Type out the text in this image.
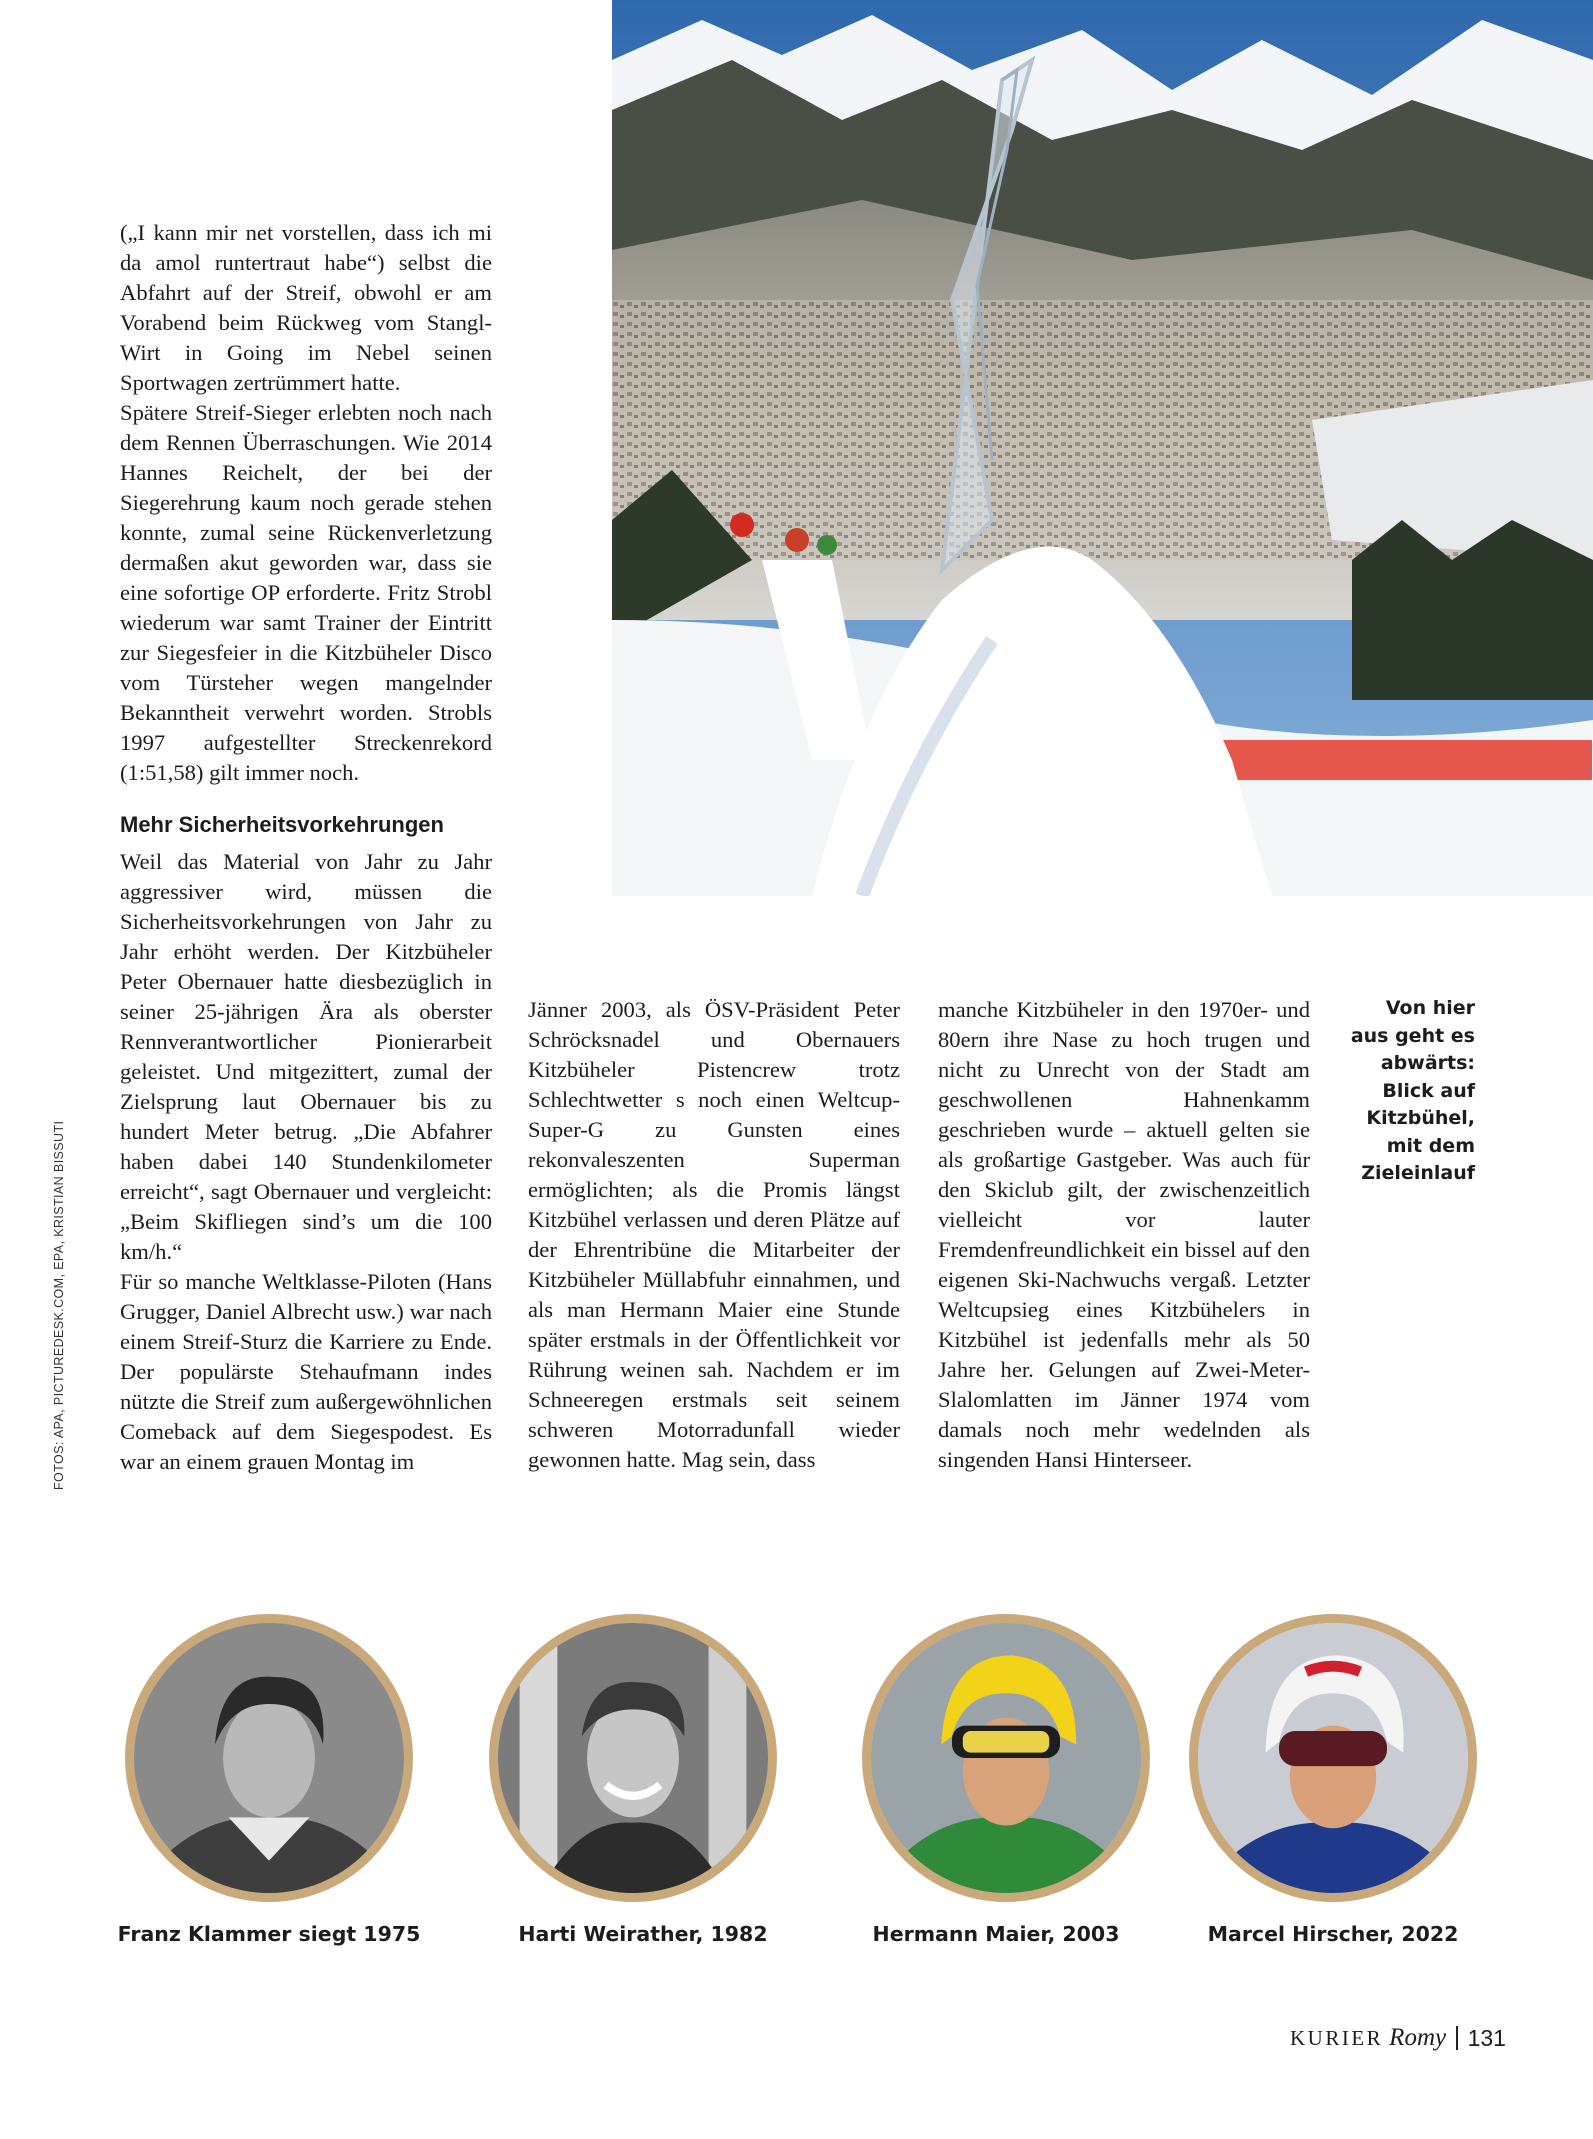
(„I kann mir net vorstellen, dass ich mi da amol runtertraut habe“) selbst die Abfahrt auf der Streif, obwohl er am Vorabend beim Rückweg vom Stangl-Wirt in Going im Nebel seinen Sportwagen zertrümmert hatte.

Spätere Streif-Sieger erlebten noch nach dem Rennen Überraschungen. Wie 2014 Hannes Reichelt, der bei der Siegerehrung kaum noch gerade stehen konnte, zumal seine Rückenverletzung dermaßen akut geworden war, dass sie eine sofortige OP erforderte. Fritz Strobl wiederum war samt Trainer der Eintritt zur Siegesfeier in die Kitzbüheler Disco vom Türsteher wegen mangelnder Bekanntheit verwehrt worden. Strobls 1997 aufgestellter Streckenrekord (1:51,58) gilt immer noch.

Mehr Sicherheitsvorkehrungen

Weil das Material von Jahr zu Jahr aggressiver wird, müssen die Sicherheitsvorkehrungen von Jahr zu Jahr erhöht werden. Der Kitzbüheler Peter Obernauer hatte diesbezüglich in seiner 25-jährigen Ära als oberster Rennverantwortlicher Pionierarbeit geleistet. Und mitgezittert, zumal der Zielsprung laut Obernauer bis zu hundert Meter betrug. „Die Abfahrer haben dabei 140 Stundenkilometer erreicht“, sagt Obernauer und vergleicht: „Beim Skifliegen sind’s um die 100 km/h.“

Für so manche Weltklasse-Piloten (Hans Grugger, Daniel Albrecht usw.) war nach einem Streif-Sturz die Karriere zu Ende. Der populärste Stehaufmann indes nützte die Streif zum außergewöhnlichen Comeback auf dem Siegespodest. Es war an einem grauen Montag im

Jänner 2003, als ÖSV-Präsident Peter Schröcksnadel und Obernauers Kitzbüheler Pistencrew trotz Schlechtwetter s noch einen Weltcup-Super-G zu Gunsten eines rekonvaleszenten Superman ermöglichten; als die Promis längst Kitzbühel verlassen und deren Plätze auf der Ehrentribüne die Mitarbeiter der Kitzbüheler Müllabfuhr einnahmen, und als man Hermann Maier eine Stunde später erstmals in der Öffentlichkeit vor Rührung weinen sah. Nachdem er im Schneeregen erstmals seit seinem schweren Motorradunfall wieder gewonnen hatte. Mag sein, dass

manche Kitzbüheler in den 1970er- und 80ern ihre Nase zu hoch trugen und nicht zu Unrecht von der Stadt am geschwollenen Hahnenkamm geschrieben wurde – aktuell gelten sie als großartige Gastgeber. Was auch für den Skiclub gilt, der zwischenzeitlich vielleicht vor lauter Fremdenfreundlichkeit ein bissel auf den eigenen Ski-Nachwuchs vergaß. Letzter Weltcupsieg eines Kitzbühelers in Kitzbühel ist jedenfalls mehr als 50 Jahre her. Gelungen auf Zwei-Meter-Slalomlatten im Jänner 1974 vom damals noch mehr wedelnden als singenden Hansi Hinterseer.

Von hier
aus geht es
abwärts:
Blick auf
Kitzbühel,
mit dem
Zieleinlauf
FOTOS: APA, PICTUREDESK.COM, EPA, KRISTIAN BISSUTI
Franz Klammer siegt 1975	Harti Weirather, 1982	Hermann Maier, 2003	Marcel Hirscher, 2022
KURIER Romy 131
